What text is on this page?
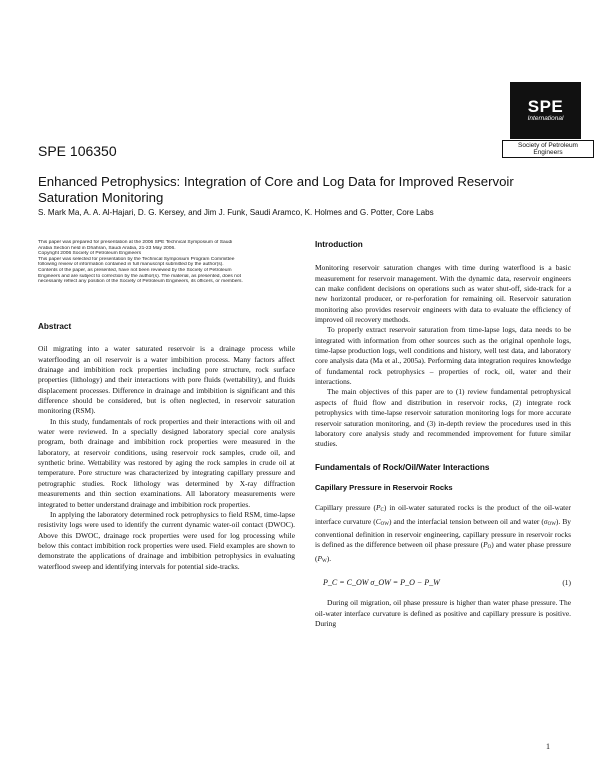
SPE
International
Society of Petroleum Engineers
SPE 106350
Enhanced Petrophysics: Integration of Core and Log Data for Improved Reservoir
Saturation Monitoring
S. Mark Ma, A. A. Al-Hajari, D. G. Kersey, and Jim J. Funk, Saudi Aramco, K. Holmes and G. Potter, Core Labs
This paper was prepared for presentation at the 2006 SPE Technical Symposium of Saudi
Arabia Section held in Dhahran, Saudi Arabia, 21-23 May 2006.
Copyright 2006 Society of Petroleum Engineers
This paper was selected for presentation by the Technical Symposium Program Committee
following review of information contained in full manuscript submitted by the author(s).
Contents of the paper, as presented, have not been reviewed by the Society of Petroleum
Engineers and are subject to correction by the author(s). The material, as presented, does not
necessarily reflect any position of the Society of Petroleum Engineers, its officers, or members.
Abstract

Oil migrating into a water saturated reservoir is a drainage process while waterflooding an oil reservoir is a water imbibition process. Many factors affect drainage and imbibition rock properties including pore structure, rock surface properties (lithology) and their interactions with pore fluids (wettability), and fluids displacement processes. Difference in drainage and imbibition is significant and this difference should be considered, but is often neglected, in reservoir saturation monitoring (RSM).

In this study, fundamentals of rock properties and their interactions with oil and water were reviewed. In a specially designed laboratory special core analysis program, both drainage and imbibition rock properties were measured in the laboratory, at reservoir conditions, using reservoir rock samples, crude oil, and synthetic brine. Wettability was restored by aging the rock samples in crude oil at temperature. Pore structure was characterized by integrating capillary pressure and petrographic studies. Rock lithology was determined by X-ray diffraction measurements and thin section examinations. All laboratory measurements were integrated to better understand drainage and imbibition rock properties.

In applying the laboratory determined rock petrophysics to field RSM, time-lapse resistivity logs were used to identify the current dynamic water-oil contact (DWOC). Above this DWOC, drainage rock properties were used for log processing while below this contact imbibition rock properties were used. Field examples are shown to demonstrate the applications of drainage and imbibition petrophysics in evaluating waterflood sweep and identifying intervals for potential side-tracks.

Introduction

Monitoring reservoir saturation changes with time during waterflood is a basic measurement for reservoir management. With the dynamic data, reservoir engineers can make confident decisions on operations such as water shut-off, side-track for a new horizontal producer, or re-perforation for remaining oil. Reservoir saturation monitoring also provides reservoir engineers with data to evaluate the efficiency of improved oil recovery methods.

To properly extract reservoir saturation from time-lapse logs, data needs to be integrated with information from other sources such as the original openhole logs, time-lapse production logs, well conditions and history, well test data, and laboratory core analysis data (Ma et al., 2005a). Performing data integration requires knowledge of fundamental rock petrophysics – properties of rock, oil, water and their interactions.

The main objectives of this paper are to (1) review fundamental petrophysical aspects of fluid flow and distribution in reservoir rocks, (2) integrate rock petrophysics with time-lapse reservoir saturation monitoring logs for more accurate reservoir saturation monitoring, and (3) in-depth review the procedures used in this laboratory core analysis study and recommended improvement for future similar studies.

Fundamentals of Rock/Oil/Water Interactions
Capillary Pressure in Reservoir Rocks

Capillary pressure $(P_C)$ in oil-water saturated rocks is the product of the oil-water interface curvature $(C_{OW})$ and the interfacial tension between oil and water $(\sigma_{OW})$. By conventional definition in reservoir engineering, capillary pressure in reservoir rocks is defined as the difference between oil phase pressure $(P_O)$ and water phase pressure $(P_W)$.

P_C = C_OW σ_OW = P_O − P_W	(1)

During oil migration, oil phase pressure is higher than water phase pressure. The oil-water interface curvature is defined as positive and capillary pressure is positive. During

1
